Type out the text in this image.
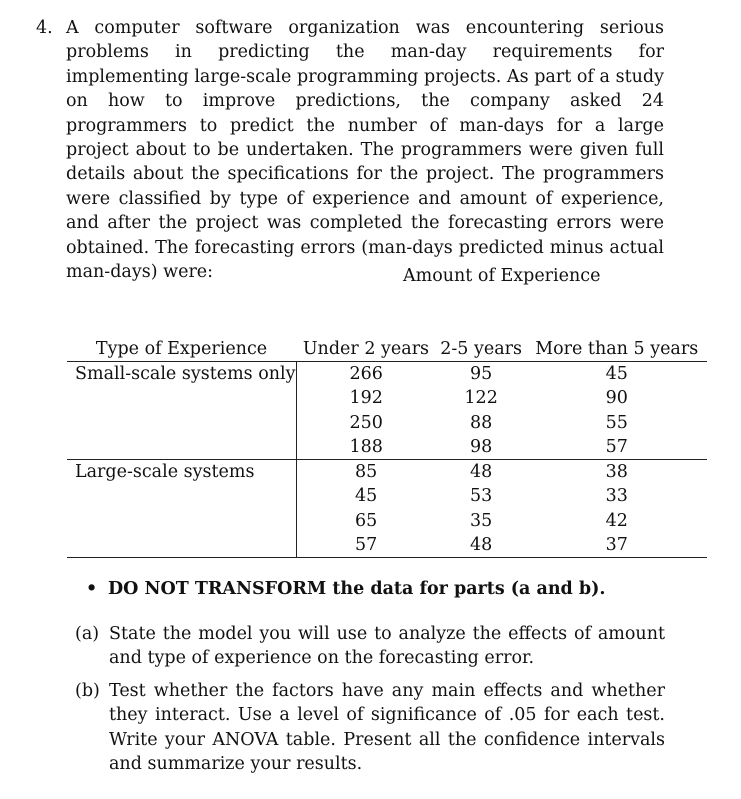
4. A computer software organization was encountering serious problems in predicting the man-day requirements for implementing large-scale programming projects. As part of a study on how to improve predictions, the company asked 24 programmers to predict the number of man-days for a large project about to be undertaken. The programmers were given full details about the specifications for the project. The programmers were classified by type of experience and amount of experience, and after the project was completed the forecasting errors were obtained. The forecasting errors (man-days predicted minus actual man-days) were:	Amount of Experience
Type of Experience	Under 2 years	2-5 years	More than 5 years
Small-scale systems only	266	95	45
	192	122	90
	250	88	55
	188	98	57
Large-scale systems	85	48	38
	45	53	33
	65	35	42
	57	48	37
• DO NOT TRANSFORM the data for parts (a and b).
(a) State the model you will use to analyze the effects of amount and type of experience on the forecasting error.
(b) Test whether the factors have any main effects and whether they interact. Use a level of significance of .05 for each test. Write your ANOVA table. Present all the confidence intervals and summarize your results.
